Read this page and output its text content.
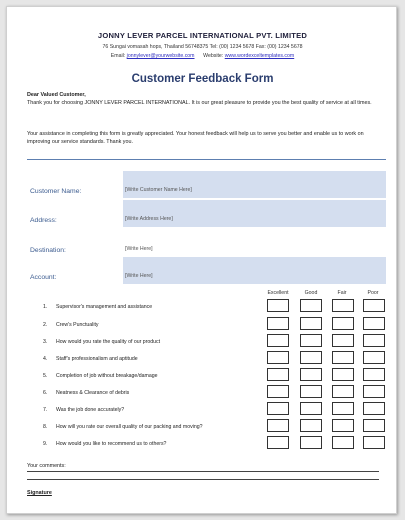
JONNY LEVER PARCEL INTERNATIONAL PVT. LIMITED
76 Sungai vomasah hops, Thailand 56748375 Tel: (00) 1234 5678 Fax: (00) 1234 5678
Email: jonnylever@yourwebsite.com Website: www.wordexceltemplates.com
Customer Feedback Form
Dear Valued Customer,
Thank you for choosing JONNY LEVER PARCEL INTERNATIONAL. It is our great pleasure to provide you the best quality of service at all times.
Your assistance in completing this form is greatly appreciated. Your honest feedback will help us to serve you better and enable us to work on improving our service standards. Thank you.
Customer Name:	[Write Customer Name Here]
Address:	[Write Address Here]
Destination:	[Write Here]
Account:	[Write Here]
Excellent	Good	Fair	Poor
1. Supervisor's management and assistance
2. Crew's Punctuality
3. How would you rate the quality of our product
4. Staff's professionalism and aptitude
5. Completion of job without breakage/damage
6. Neatness & Clearance of debris
7. Was the job done accurately?
8. How will you rate our overall quality of our packing and moving?
9. How would you like to recommend us to others?
Your comments:
Signature
